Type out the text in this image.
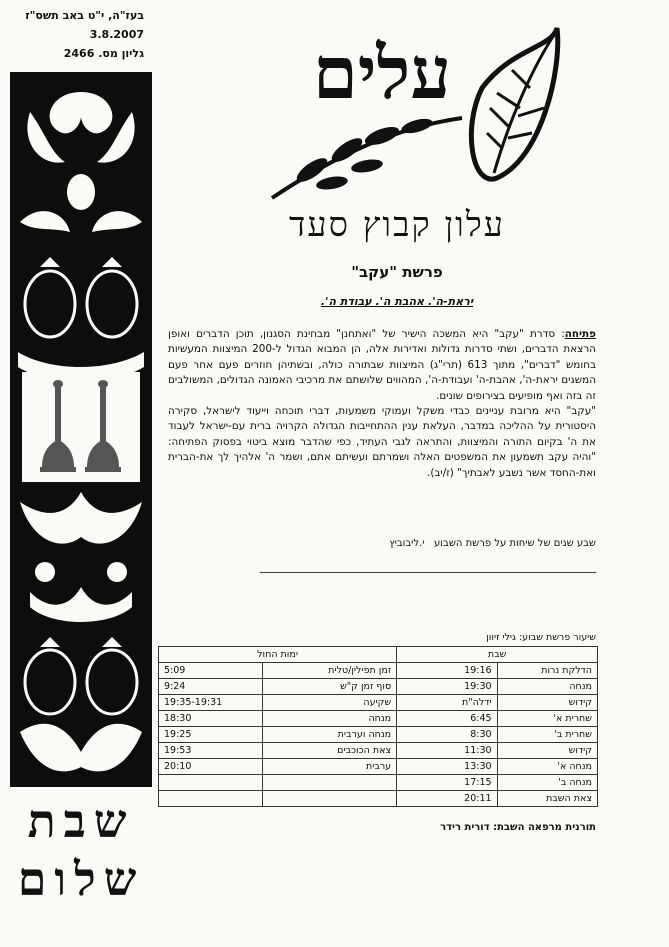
בעז"ה, י"ט באב תשס"ז
3.8.2007
גליון מס. 2466
שבת
שלום
עלים
עלון קבוץ סעד
פרשת "עקב"
יראת-ה'. אהבת ה'. עבודת ה'.

פתיחה: סדרת "עקב" היא המשכה הישיר של "ואתחנן" מבחינת הסגנון, תוכן הדברים ואופן הרצאת הדברים, ושתי סדרות גדולות ואדירות אלה, הן המבוא הגדול ל-200 המיצוות המעשיות בחומש "דברים", מתוך 613 (תרי"ג) המיצוות שבתורה כולה, ובשתיהן חוזרים פעם אחר פעם המשגים יראת-ה', אהבת-ה' ועבודת-ה', המהווים שלושתם את מרכיבי האמונה הגדולים, המשולבים זה בזה ואף מופיעים בצירופים שונים.

"עקב" היא מרובת עניינים כבדי משקל ועמוקי משמעות, דברי תוכחה וייעוד לישראל, סקירה היסטורית על ההליכה במדבר, העלאת ענין ההתחייבות הגדולה הקרויה ברית עם-ישראל לעבוד את ה' בקיום התורה והמיצוות, והתראה לגבי העתיד, כפי שהדבר מוצא ביטוי בפסוק הפתיחה: "והיה עקב תשמעון את המשפטים האלה ושמרתם ועשיתם אתם, ושמר ה' אלהיך לך את-הברית ואת-החסד אשר נשבע לאבתיך" (ז/יב).

שבע שנים של שיחות על פרשת השבוע   י.ליבוביץ
שיעור פרשת שבוע: גילי זיוון
שבת		ימות החול	
הדלקת נרות	19:16	זמן תפילין/טלית	5:09
מנחה	19:30	סוף זמן ק"ש	9:24
קידוש	ידלה"ת	שקיעה	19:35-19:31
שחרית א'	6:45	מנחה	18:30
שחרית ב'	8:30	מנחה וערבית	19:25
קידוש	11:30	צאת הכוכבים	19:53
מנחה א'	13:30	ערבית	20:10
מנחה ב'	17:15		
צאת השבת	20:11		
תורנית מרפאה השבת: דורית רידר
